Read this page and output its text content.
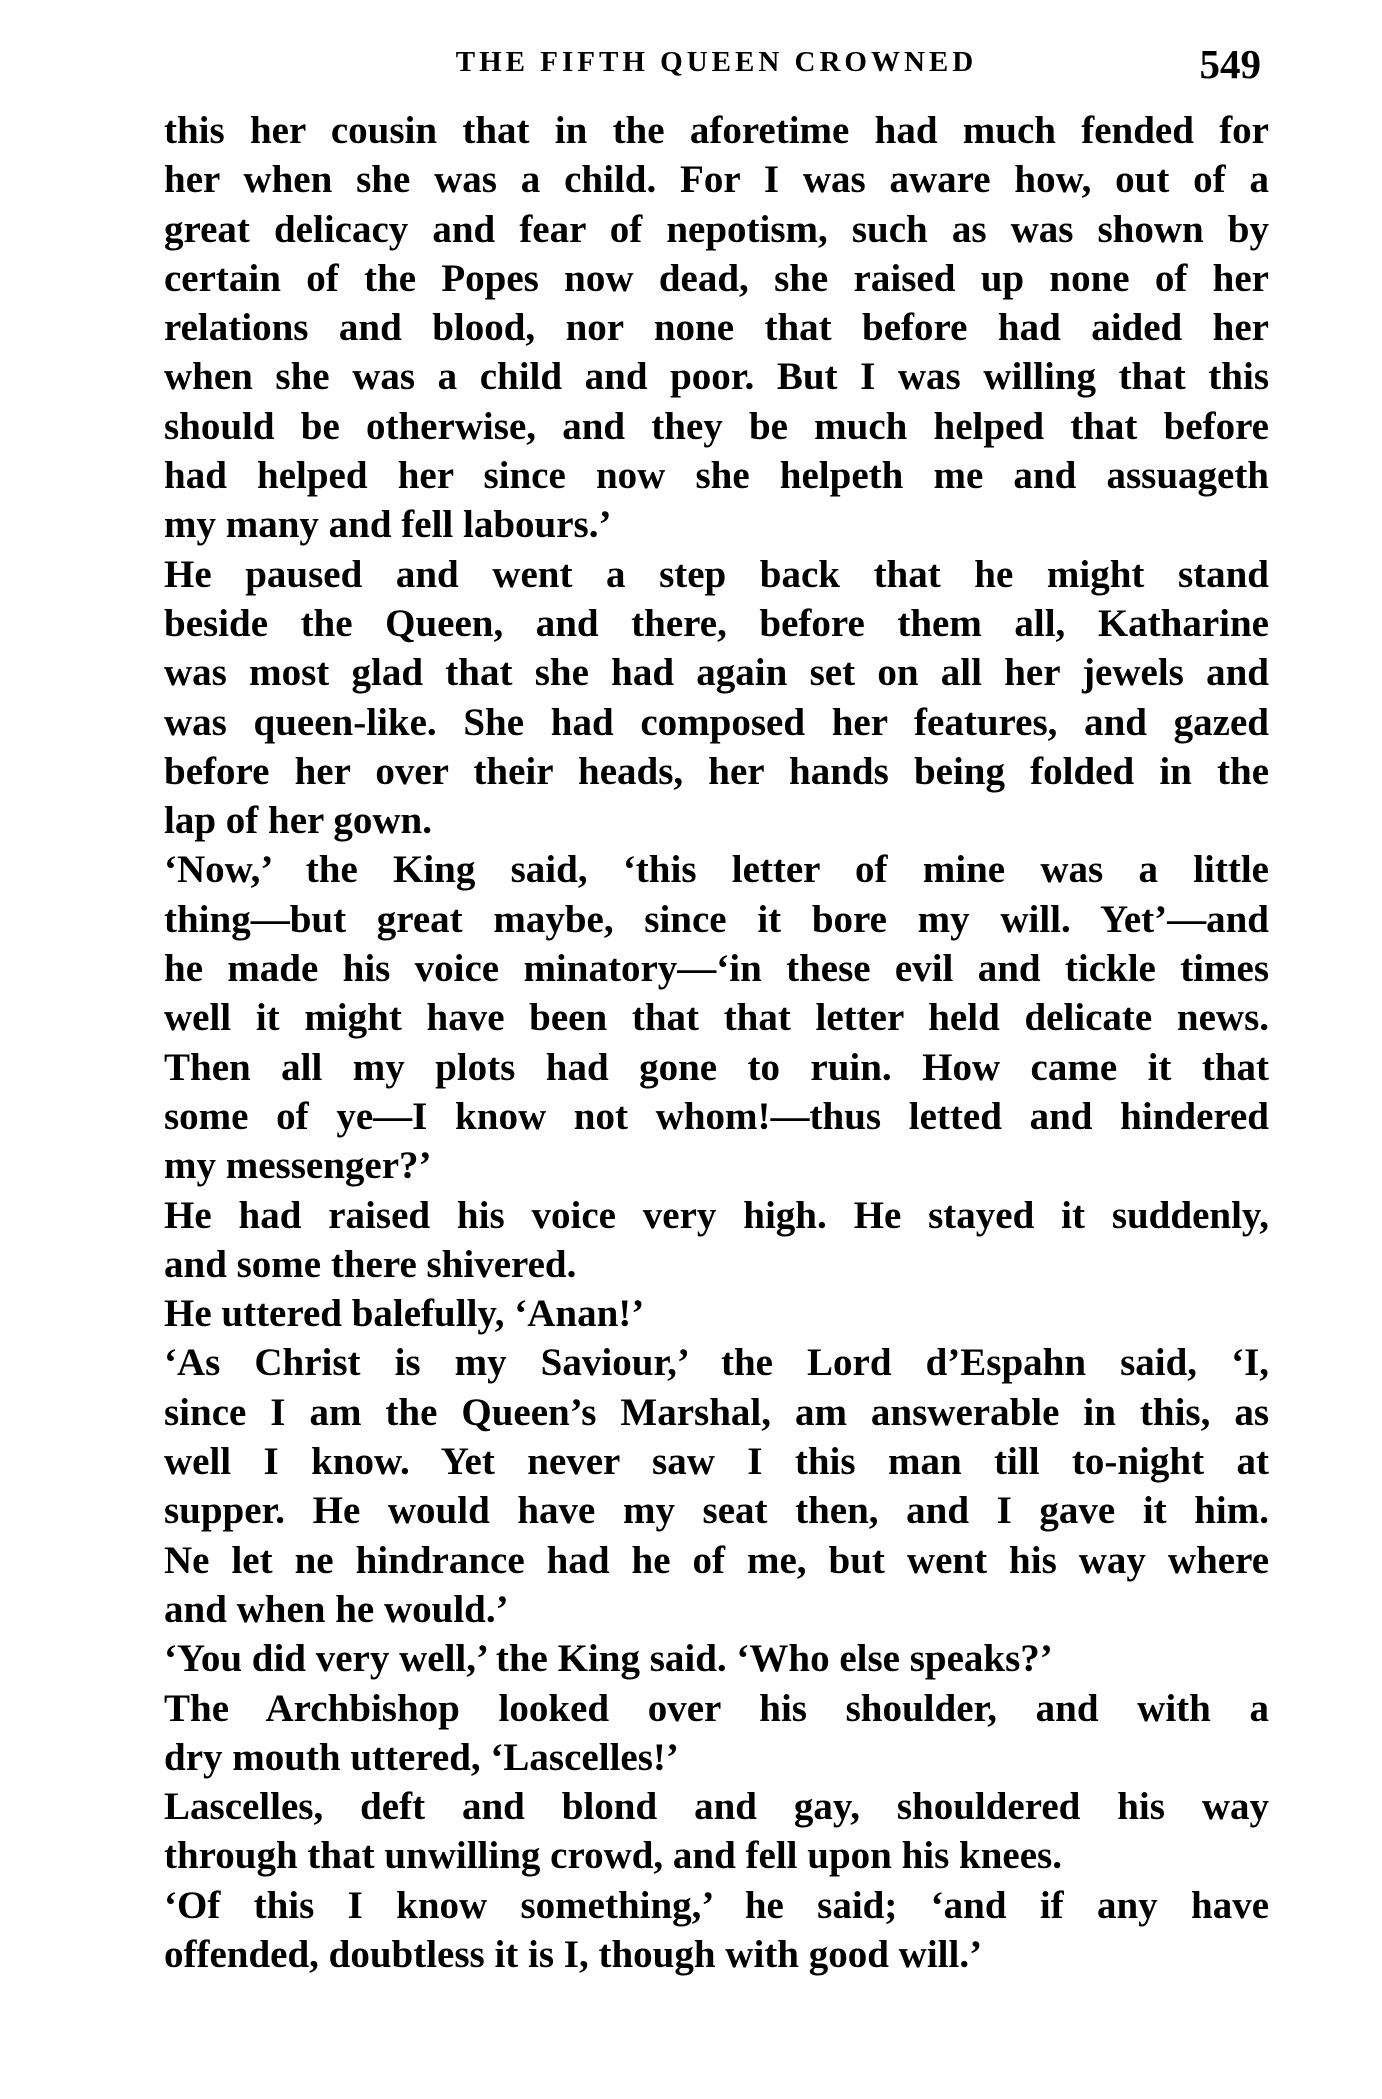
THE FIFTH QUEEN CROWNED	549
this her cousin that in the aforetime had much fended for
her when she was a child. For I was aware how, out of a
great delicacy and fear of nepotism, such as was shown by
certain of the Popes now dead, she raised up none of her
relations and blood, nor none that before had aided her
when she was a child and poor. But I was willing that this
should be otherwise, and they be much helped that before
had helped her since now she helpeth me and assuageth
my many and fell labours.’
He paused and went a step back that he might stand
beside the Queen, and there, before them all, Katharine
was most glad that she had again set on all her jewels and
was queen-like. She had composed her features, and gazed
before her over their heads, her hands being folded in the
lap of her gown.
‘Now,’ the King said, ‘this letter of mine was a little
thing—but great maybe, since it bore my will. Yet’—and
he made his voice minatory—‘in these evil and tickle times
well it might have been that that letter held delicate news.
Then all my plots had gone to ruin. How came it that
some of ye—I know not whom!—thus letted and hindered
my messenger?’
He had raised his voice very high. He stayed it suddenly,
and some there shivered.
He uttered balefully, ‘Anan!’
‘As Christ is my Saviour,’ the Lord d’Espahn said, ‘I,
since I am the Queen’s Marshal, am answerable in this, as
well I know. Yet never saw I this man till to-night at
supper. He would have my seat then, and I gave it him.
Ne let ne hindrance had he of me, but went his way where
and when he would.’
‘You did very well,’ the King said. ‘Who else speaks?’
The Archbishop looked over his shoulder, and with a
dry mouth uttered, ‘Lascelles!’
Lascelles, deft and blond and gay, shouldered his way
through that unwilling crowd, and fell upon his knees.
‘Of this I know something,’ he said; ‘and if any have
offended, doubtless it is I, though with good will.’
